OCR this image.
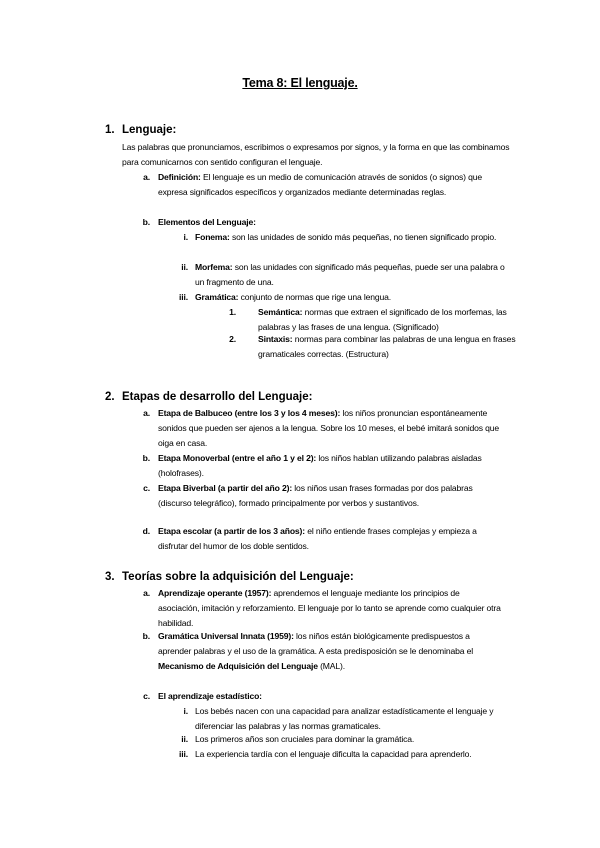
Tema 8: El lenguaje.
1. Lenguaje:
Las palabras que pronunciamos, escribimos o expresamos por signos, y la forma en que las combinamos para comunicarnos con sentido configuran el lenguaje.
a. Definición: El lenguaje es un medio de comunicación através de sonidos (o signos) que expresa significados específicos y organizados mediante determinadas reglas.
b. Elementos del Lenguaje:
i. Fonema: son las unidades de sonido más pequeñas, no tienen significado propio.
ii. Morfema: son las unidades con significado más pequeñas, puede ser una palabra o un fragmento de una.
iii. Gramática: conjunto de normas que rige una lengua.
1.	Semántica: normas que extraen el significado de los morfemas, las palabras y las frases de una lengua. (Significado)
2.	Sintaxis: normas para combinar las palabras de una lengua en frases gramaticales correctas. (Estructura)
2. Etapas de desarrollo del Lenguaje:
a. Etapa de Balbuceo (entre los 3 y los 4 meses): los niños pronuncian espontáneamente sonidos que pueden ser ajenos a la lengua. Sobre los 10 meses, el bebé imitará sonidos que oiga en casa.
b. Etapa Monoverbal (entre el año 1 y el 2): los niños hablan utilizando palabras aisladas (holofrases).
c. Etapa Biverbal (a partir del año 2): los niños usan frases formadas por dos palabras (discurso telegráfico), formado principalmente por verbos y sustantivos.
d. Etapa escolar (a partir de los 3 años): el niño entiende frases complejas y empieza a disfrutar del humor de los doble sentidos.
3. Teorías sobre la adquisición del Lenguaje:
a. Aprendizaje operante (1957): aprendemos el lenguaje mediante los principios de asociación, imitación y reforzamiento. El lenguaje por lo tanto se aprende como cualquier otra habilidad.
b. Gramática Universal Innata (1959): los niños están biológicamente predispuestos a aprender palabras y el uso de la gramática. A esta predisposición se le denominaba el Mecanismo de Adquisición del Lenguaje (MAL).
c. El aprendizaje estadístico:
i. Los bebés nacen con una capacidad para analizar estadísticamente el lenguaje y diferenciar las palabras y las normas gramaticales.
ii. Los primeros años son cruciales para dominar la gramática.
iii. La experiencia tardía con el lenguaje dificulta la capacidad para aprenderlo.
